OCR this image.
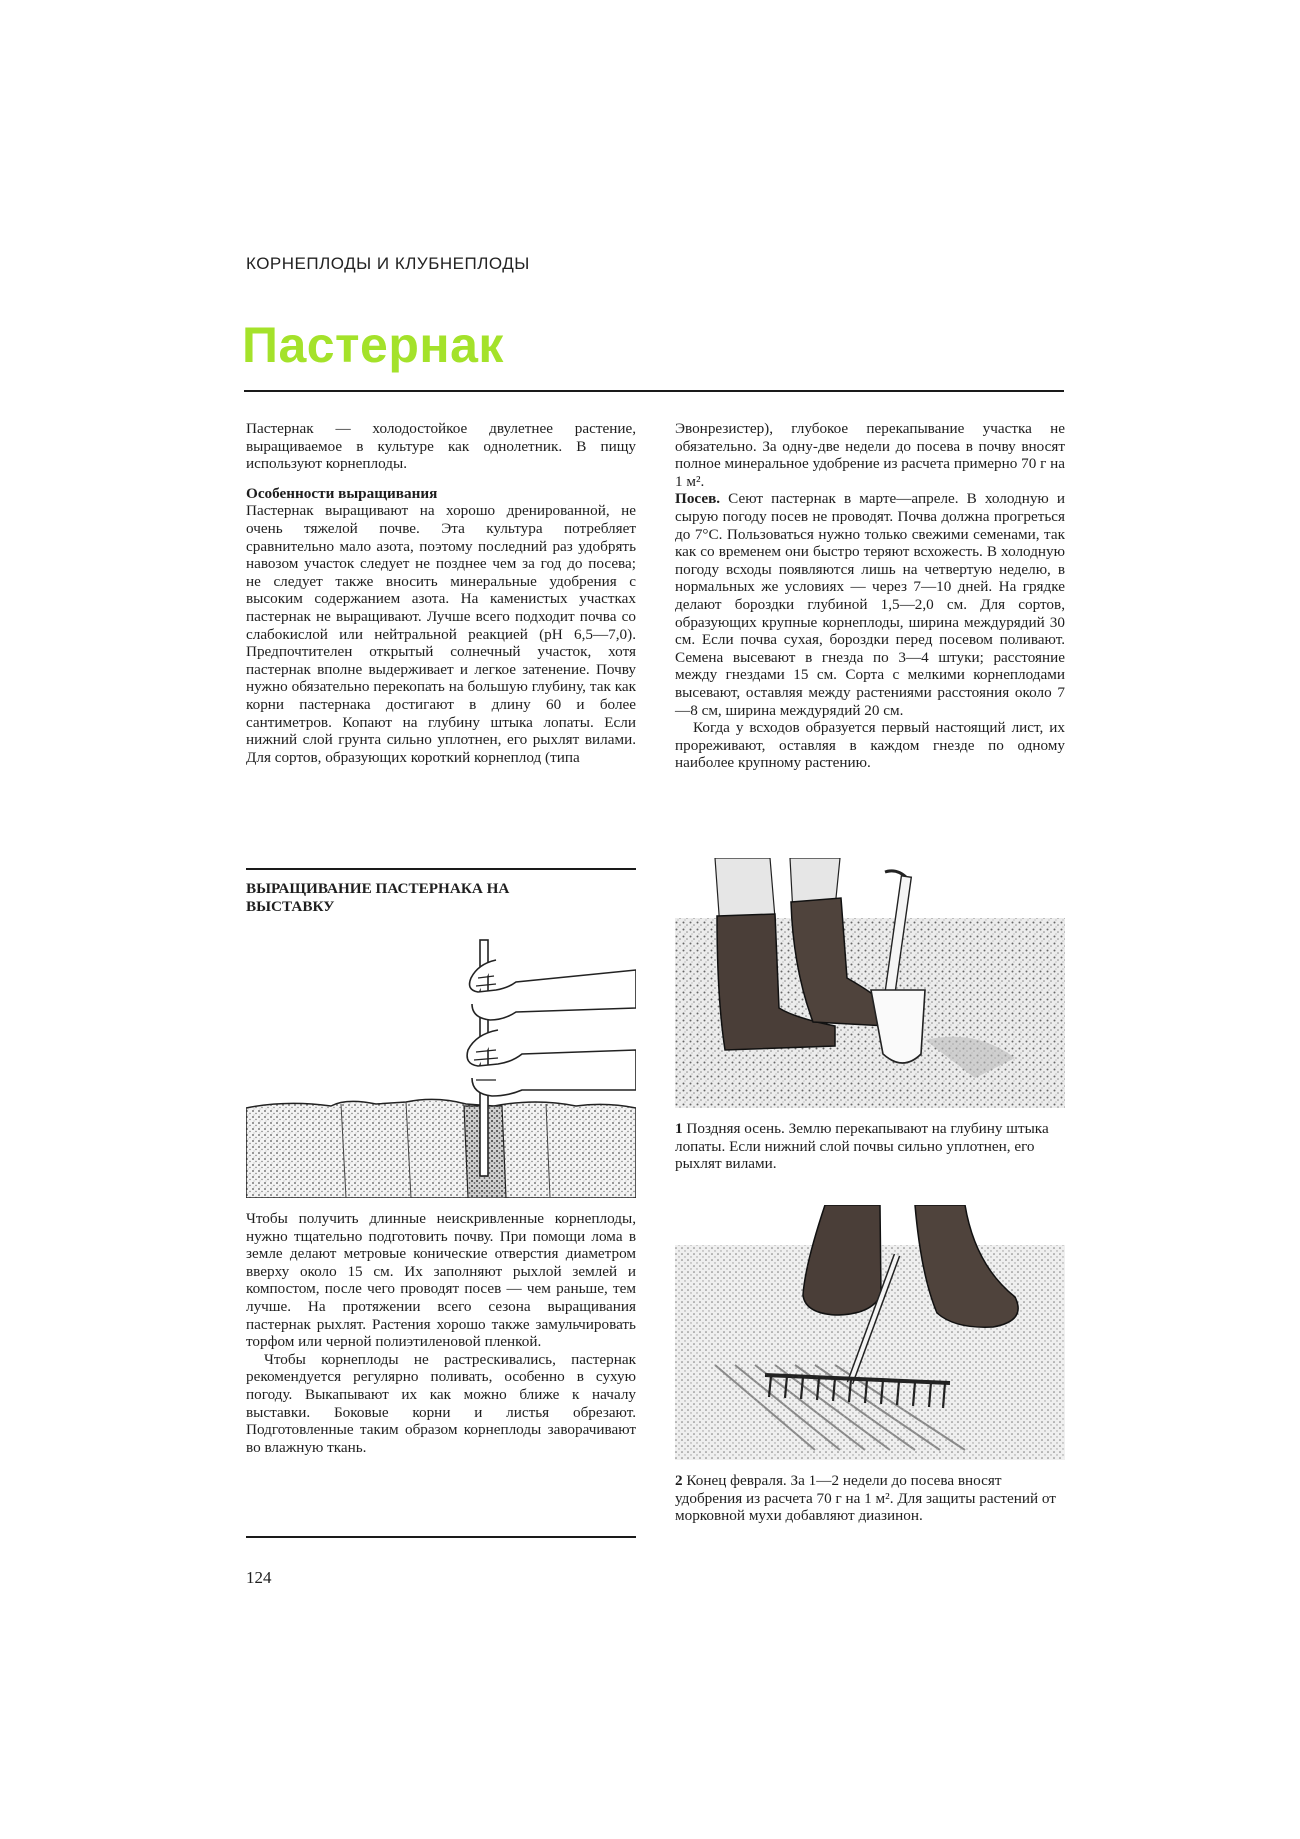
КОРНЕПЛОДЫ И КЛУБНЕПЛОДЫ
Пастернак

Пастернак — холодостойкое двулетнее растение, выращиваемое в культуре как однолетник. В пищу используют корнеплоды.

Особенности выращивания

Пастернак выращивают на хорошо дренированной, не очень тяжелой почве. Эта культура потребляет сравнительно мало азота, поэтому последний раз удобрять навозом участок следует не позднее чем за год до посева; не следует также вносить минеральные удобрения с высоким содержанием азота. На каменистых участках пастернак не выращивают. Лучше всего подходит почва со слабокислой или нейтральной реакцией (pH 6,5—7,0). Предпочтителен открытый солнечный участок, хотя пастернак вполне выдерживает и легкое затенение. Почву нужно обязательно перекопать на большую глубину, так как корни пастернака достигают в длину 60 и более сантиметров. Копают на глубину штыка лопаты. Если нижний слой грунта сильно уплотнен, его рыхлят вилами. Для сортов, образующих короткий корнеплод (типа

Эвонрезистер), глубокое перекапывание участка не обязательно. За одну-две недели до посева в почву вносят полное минеральное удобрение из расчета примерно 70 г на 1 м².

Посев. Сеют пастернак в марте—апреле. В холодную и сырую погоду посев не проводят. Почва должна прогреться до 7°С. Пользоваться нужно только свежими семенами, так как со временем они быстро теряют всхожесть. В холодную погоду всходы появляются лишь на четвертую неделю, в нормальных же условиях — через 7—10 дней. На грядке делают бороздки глубиной 1,5—2,0 см. Для сортов, образующих крупные корнеплоды, ширина междурядий 30 см. Если почва сухая, бороздки перед посевом поливают. Семена высевают в гнезда по 3—4 штуки; расстояние между гнездами 15 см. Сорта с мелкими корнеплодами высевают, оставляя между растениями расстояния около 7—8 см, ширина междурядий 20 см.

Когда у всходов образуется первый настоящий лист, их прореживают, оставляя в каждом гнезде по одному наиболее крупному растению.

ВЫРАЩИВАНИЕ ПАСТЕРНАКА НА ВЫСТАВКУ

Чтобы получить длинные неискривленные корнеплоды, нужно тщательно подготовить почву. При помощи лома в земле делают метровые конические отверстия диаметром вверху около 15 см. Их заполняют рыхлой землей и компостом, после чего проводят посев — чем раньше, тем лучше. На протяжении всего сезона выращивания пастернак рыхлят. Растения хорошо также замульчировать торфом или черной полиэтиленовой пленкой.

Чтобы корнеплоды не растрескивались, пастернак рекомендуется регулярно поливать, особенно в сухую погоду. Выкапывают их как можно ближе к началу выставки. Боковые корни и листья обрезают. Подготовленные таким образом корнеплоды заворачивают во влажную ткань.

1 Поздняя осень. Землю перекапывают на глубину штыка лопаты. Если нижний слой почвы сильно уплотнен, его рыхлят вилами.
2 Конец февраля. За 1—2 недели до посева вносят удобрения из расчета 70 г на 1 м². Для защиты растений от морковной мухи добавляют диазинон.
124
